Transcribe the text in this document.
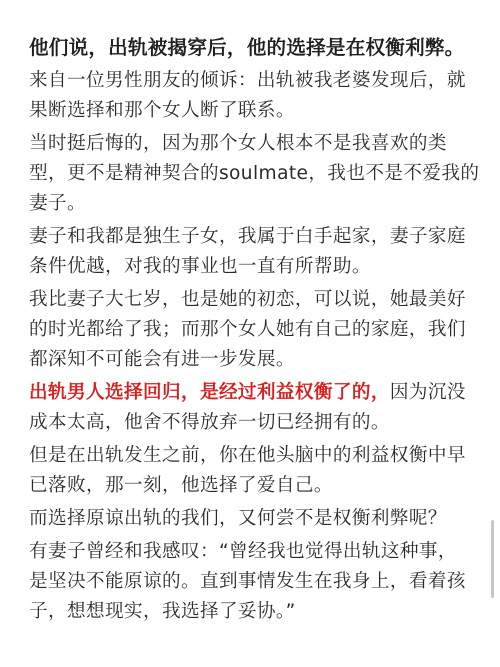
他们说，出轨被揭穿后，他的选择是在权衡利弊。
来自一位男性朋友的倾诉：出轨被我老婆发现后，就
果断选择和那个女人断了联系。
当时挺后悔的，因为那个女人根本不是我喜欢的类
型，更不是精神契合的soulmate，我也不是不爱我的
妻子。
妻子和我都是独生子女，我属于白手起家，妻子家庭
条件优越，对我的事业也一直有所帮助。
我比妻子大七岁，也是她的初恋，可以说，她最美好
的时光都给了我；而那个女人她有自己的家庭，我们
都深知不可能会有进一步发展。
出轨男人选择回归，是经过利益权衡了的，因为沉没
成本太高，他舍不得放弃一切已经拥有的。
但是在出轨发生之前，你在他头脑中的利益权衡中早
已落败，那一刻，他选择了爱自己。
而选择原谅出轨的我们，又何尝不是权衡利弊呢？
有妻子曾经和我感叹：“曾经我也觉得出轨这种事，
是坚决不能原谅的。直到事情发生在我身上，看着孩
子，想想现实，我选择了妥协。”
